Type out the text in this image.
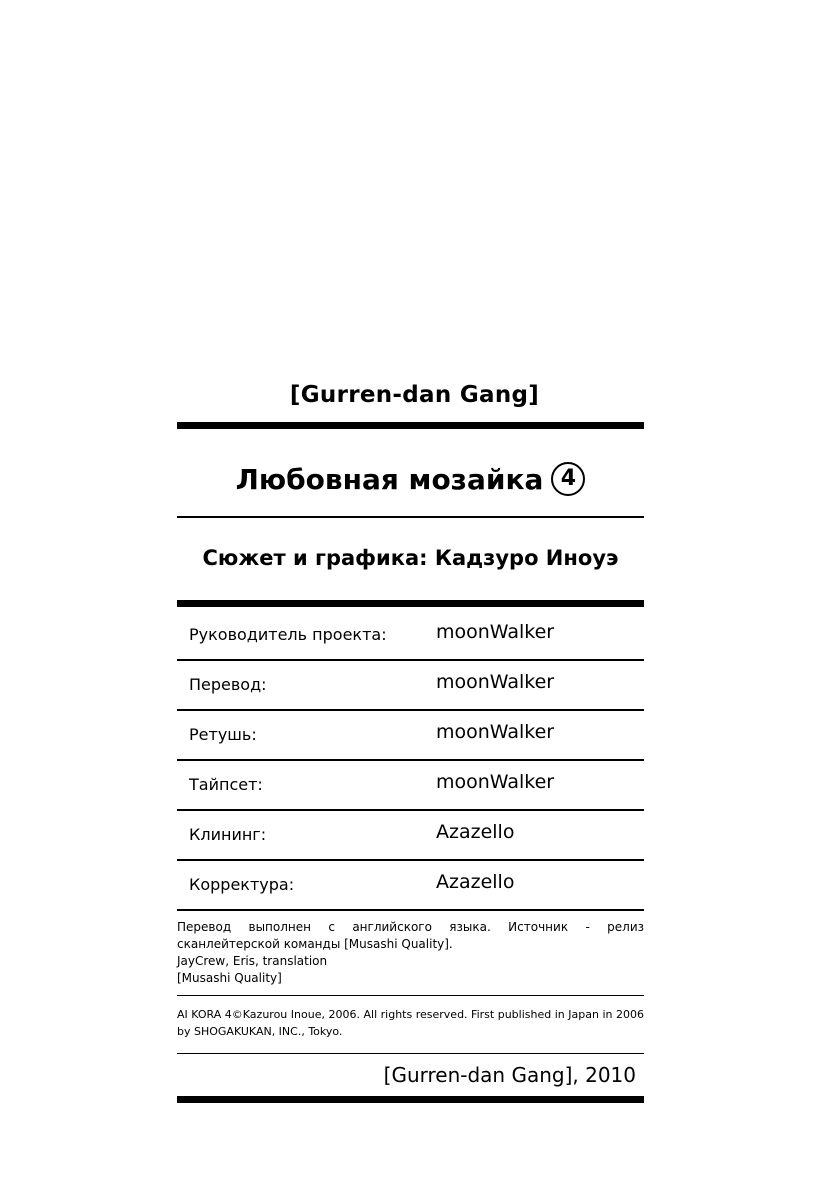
[Gurren-dan Gang]
Любовная мозайка 4
Сюжет и графика: Кадзуро Иноуэ
Руководитель проекта:	moonWalker
Перевод:	moonWalker
Ретушь:	moonWalker
Тайпсет:	moonWalker
Клининг:	Azazello
Корректура:	Azazello
Перевод выполнен с английского языка. Источник - релиз сканлейтерской команды [Musashi Quality].
JayCrew, Eris, translation
[Musashi Quality]
AI KORA 4©Kazurou Inoue, 2006. All rights reserved. First published in Japan in 2006 by SHOGAKUKAN, INC., Tokyo.
[Gurren-dan Gang], 2010
